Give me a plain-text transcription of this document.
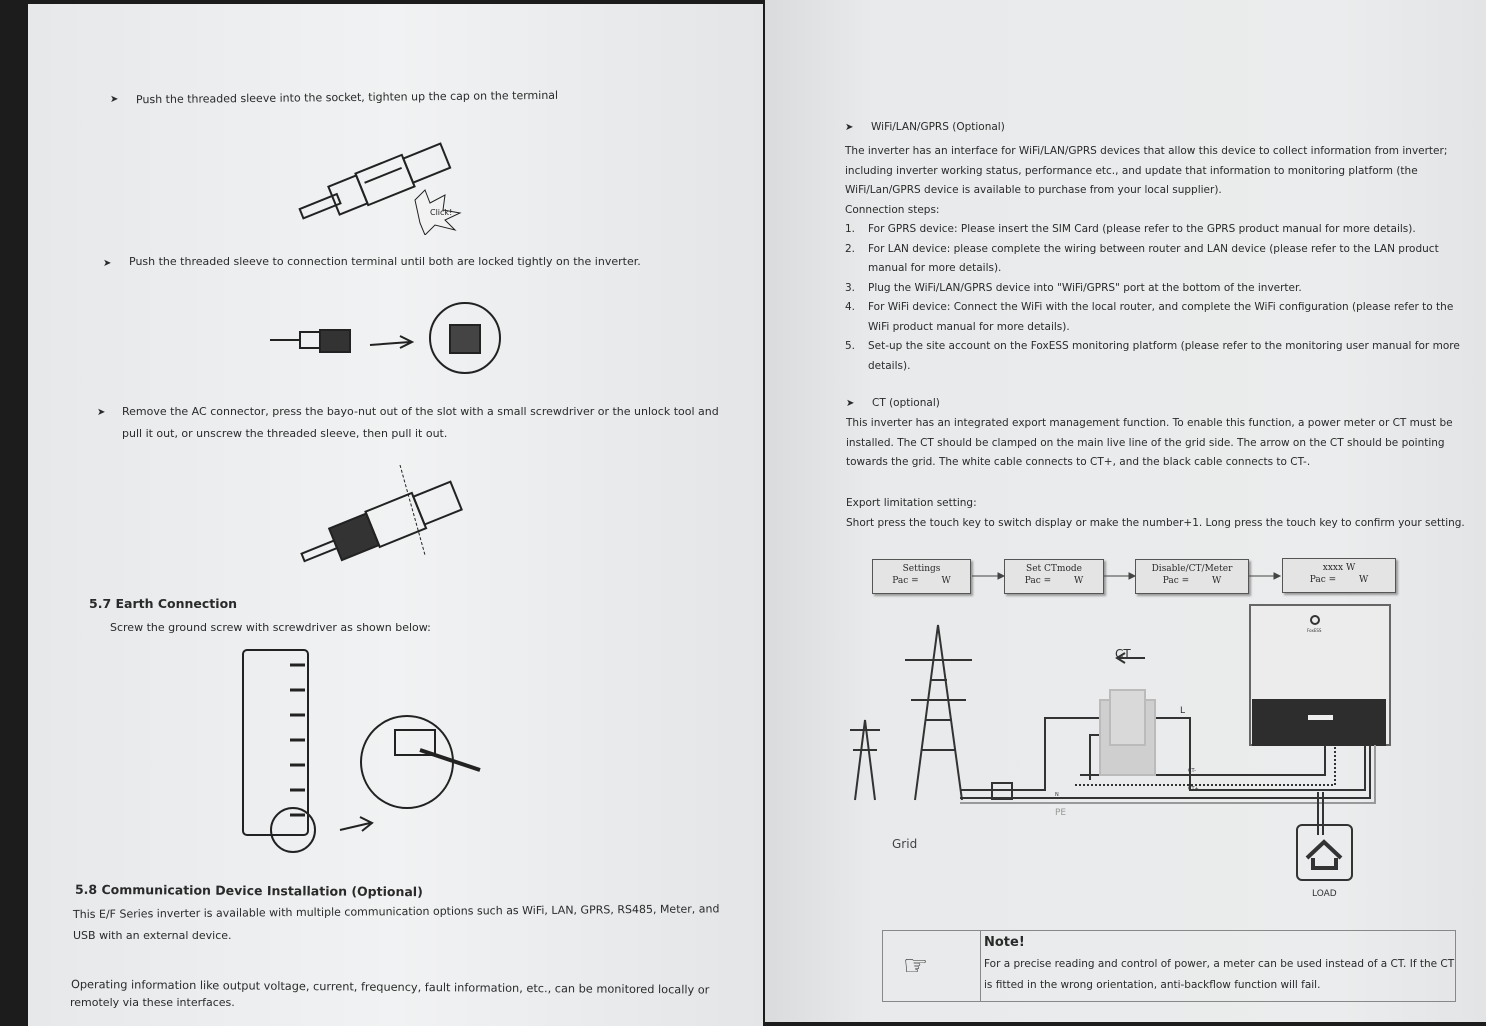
➤ Push the threaded sleeve into the socket, tighten up the cap on the terminal
Click!
➤ Push the threaded sleeve to connection terminal until both are locked tightly on the inverter.
➤ Remove the AC connector, press the bayo-nut out of the slot with a small screwdriver or the unlock tool and
pull it out, or unscrew the threaded sleeve, then pull it out.
5.7 Earth Connection
Screw the ground screw with screwdriver as shown below:
5.8 Communication Device Installation (Optional)
This E/F Series inverter is available with multiple communication options such as WiFi, LAN, GPRS, RS485, Meter, and
USB with an external device.
Operating information like output voltage, current, frequency, fault information, etc., can be monitored locally or
remotely via these interfaces.
➤ WiFi/LAN/GPRS (Optional)
The inverter has an interface for WiFi/LAN/GPRS devices that allow this device to collect information from inverter;
including inverter working status, performance etc., and update that information to monitoring platform (the
WiFi/Lan/GPRS device is available to purchase from your local supplier).
Connection steps:
1. For GPRS device: Please insert the SIM Card (please refer to the GPRS product manual for more details).
2. For LAN device: please complete the wiring between router and LAN device (please refer to the LAN product
manual for more details).
3. Plug the WiFi/LAN/GPRS device into "WiFi/GPRS" port at the bottom of the inverter.
4. For WiFi device: Connect the WiFi with the local router, and complete the WiFi configuration (please refer to the
WiFi product manual for more details).
5. Set-up the site account on the FoxESS monitoring platform (please refer to the monitoring user manual for more
details).
➤ CT (optional)
This inverter has an integrated export management function. To enable this function, a power meter or CT must be
installed. The CT should be clamped on the main live line of the grid side. The arrow on the CT should be pointing
towards the grid. The white cable connects to CT+, and the black cable connects to CT-.
Export limitation setting:
Short press the touch key to switch display or make the number+1. Long press the touch key to confirm your setting.
Settings
Pac =        W
Set CTmode
Pac =        W
Disable/CT/Meter
Pac =        W
xxxx W
Pac =        W
CT
L
PE
N
CT-
CT+
Grid
LOAD
FoxESS
☞
Note!
For a precise reading and control of power, a meter can be used instead of a CT. If the CT
is fitted in the wrong orientation, anti-backflow function will fail.
